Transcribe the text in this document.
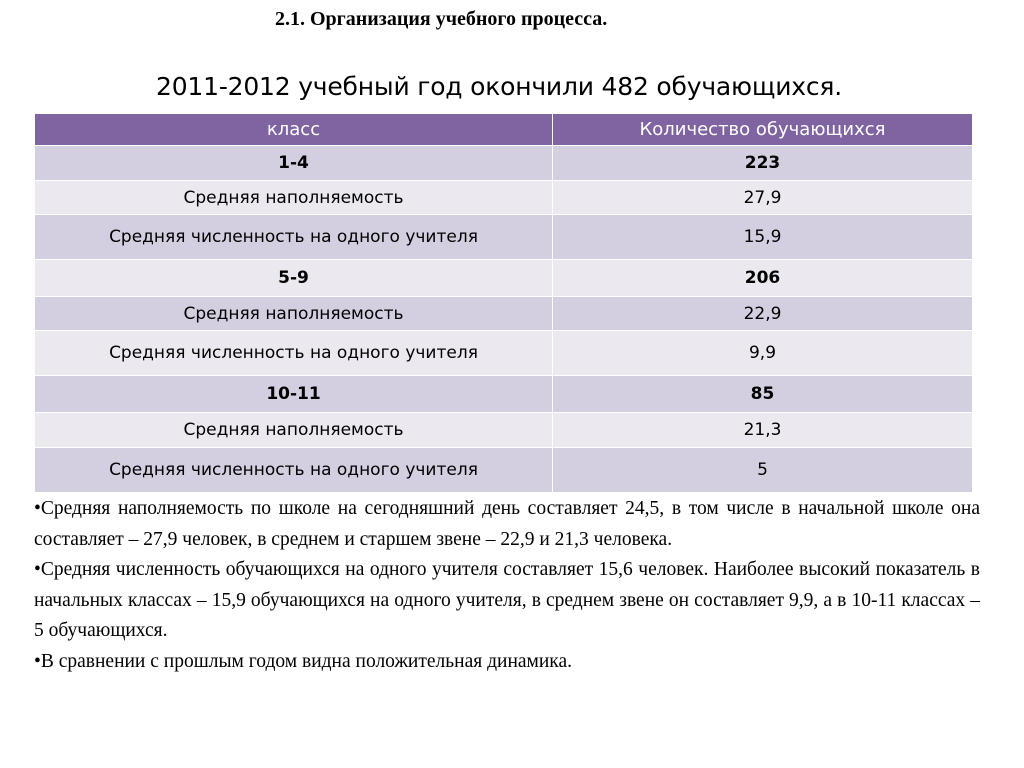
2.1. Организация учебного процесса.
2011-2012 учебный год окончили 482 обучающихся.
класс	Количество обучающихся
1-4	223
Средняя наполняемость	27,9
Средняя численность на одного учителя	15,9
5-9	206
Средняя наполняемость	22,9
Средняя численность на одного учителя	9,9
10-11	85
Средняя наполняемость	21,3
Средняя численность на одного учителя	5

•Средняя наполняемость по школе на сегодняшний день составляет 24,5, в том числе в начальной школе она составляет – 27,9 человек, в среднем и старшем звене – 22,9 и 21,3 человека.

•Средняя численность обучающихся на одного учителя составляет 15,6 человек. Наиболее высокий показатель в начальных классах – 15,9 обучающихся на одного учителя, в среднем звене он составляет 9,9, а в 10-11 классах – 5 обучающихся.

•В сравнении с прошлым годом видна положительная динамика.
